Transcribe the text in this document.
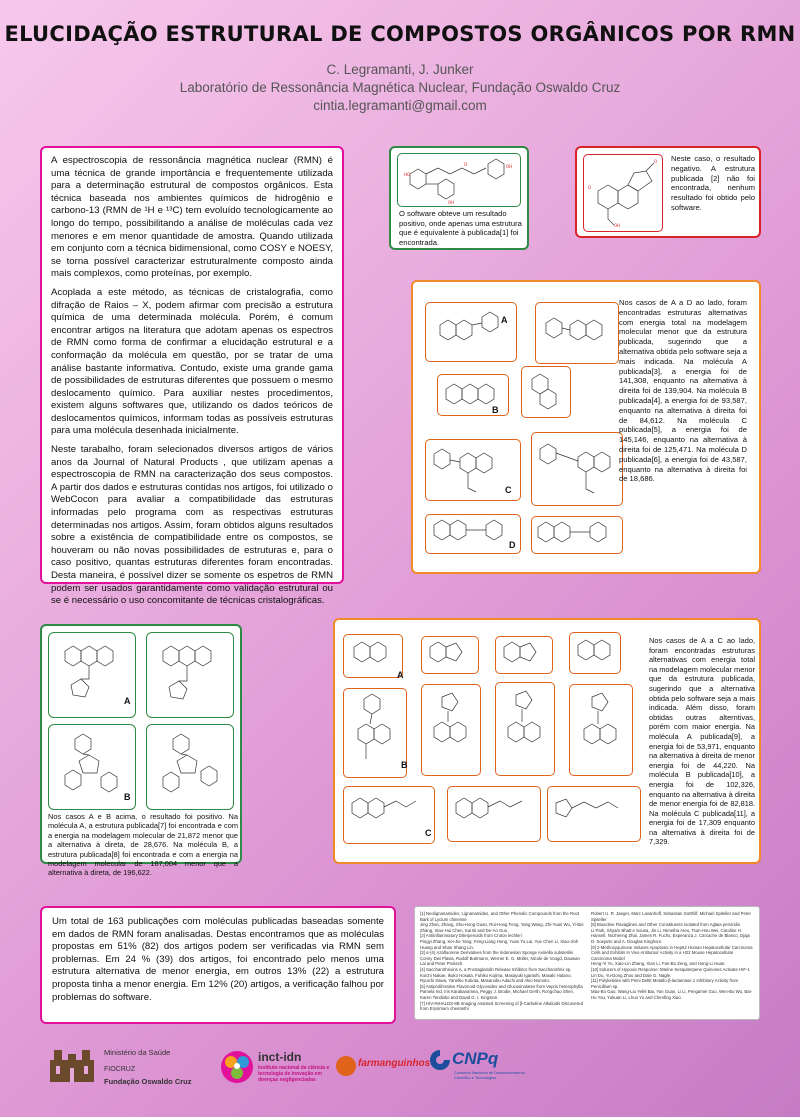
ELUCIDAÇÃO ESTRUTURAL DE COMPOSTOS ORGÂNICOS POR RMN
C. Legramanti, J. Junker
Laboratório de Ressonância Magnética Nuclear, Fundação Oswaldo Cruz
cintia.legramanti@gmail.com

A espectroscopia de ressonância magnética nuclear (RMN) é uma técnica de grande importância e frequentemente utilizada para a determinação estrutural de compostos orgânicos. Esta técnica baseada nos ambientes químicos de hidrogênio e carbono-13 (RMN de ¹H e ¹³C) tem evoluído tecnologicamente ao longo do tempo, possibilitando a análise de moléculas cada vez menores e em menor quantidade de amostra. Quando utilizada em conjunto com a técnica bidimensional, como COSY e NOESY, se torna possível caracterizar estruturalmente composto ainda mais complexos, como proteínas, por exemplo.

Acoplada a este método, as técnicas de cristalografia, como difração de Raios – X, podem afirmar com precisão a estrutura química de uma determinada molécula. Porém, é comum encontrar artigos na literatura que adotam apenas os espectros de RMN como forma de confirmar a elucidação estrutural e a conformação da molécula em questão, por se tratar de uma análise bastante informativa. Contudo, existe uma grande gama de possibilidades de estruturas diferentes que possuem o mesmo deslocamento químico. Para auxiliar nestes procedimentos, existem alguns softwares que, utilizando os dados teóricos de deslocamentos químicos, informam todas as possíveis estruturas para uma molécula desenhada inicialmente.

Neste tarabalho, foram selecionados diversos artigos de vários anos da Journal of Natural Products , que utilizam apenas a espectroscopia de RMN na caracterização dos seus compostos. A partir dos dados e estruturas contidas nos artigos, foi utilizado o WebCocon para avaliar a compatibilidade das estruturas informadas pelo programa com as respectivas estruturas determinadas nos artigos. Assim, foram obtidos alguns resultados sobre a existência de compatibilidade entre os compostos, se houveram ou não novas possibilidades de estruturas e, para o caso positivo, quantas estruturas diferentes foram encontradas. Desta maneira, é possível dizer se somente os espetros de RMN podem ser usados garantidamente como validação estrutural ou se é necessário o uso concomitante de técnicas cristalográficas.

HO
OH
O	OH
O software obteve um resultado positivo, onde apenas uma estrutura que é equivalente à publicada[1] foi encontrada.
O
OH
O Neste caso, o resultado negativo. A estrutura publicada [2] não foi encontrada, nenhum resultado foi obtido pelo software.
A
B
C
D
Nos casos de A a D ao lado, foram encontradas estruturas alternativas com energia total na modelagem molecular menor que da estrutura publicada, sugerindo que a alternativa obtida pelo software seja a mais indicada. Na molécula A publicada[3], a energia foi de 141,308, enquanto na alternativa à direita foi de 139,904. Na molécula B publicada[4], a energia foi de 93,587, enquanto na alternativa à direita foi de 84,612. Na molécula C publicada[5], a energia foi de 145,146, enquanto na alternativa à direita foi de 125,471. Na molécula D publicada[6], a energia foi de 43,587, enquanto na alternativa à direita foi de 18,686.
A
B
Nos casos A e B acima, o resultado foi positivo. Na molécula A, a estrutura publicada[7] foi encontrada e com a energia na modelagem molecular de 21,872 menor que a alternativa à direta, de 28,676. Na molécula B, a estrutura publicada[8] foi encontrada e com a energia na modelagem molecular de 167,004 menor que a alternativa à direta, de 196,622.
A
B
C
Nos casos de A a C ao lado, foram encontradas estruturas alternativas com energia total na modelagem molecular menor que da estrutura publicada, sugerindo que a alternativa obtida pelo software seja a mais indicada. Além disso, foram obtidas outras alterntivas, porém com maior energia. Na molécula A publicada[9], a energia foi de 53,971, enquanto na alternativa à direita de menor energia foi de 44,220. Na molécula B publicada[10], a energia foi de 102,326, enquanto na alternativa à direita de menor energia foi de 82,818. Na molécula C publicada[11], a energia foi de 17,309 enquanto na alternativa à direita foi de 7,329.
Um total de 163 publicações com moléculas publicadas baseadas somente em dados de RMN foram analisadas. Destas encontramos que as moléculas propostas em 51% (82) dos artigos podem ser verificadas via RMN sem problemas. Em 24 % (39) dos artigos, foi encontrado pelo menos uma estrutura alternativa de menor energia, em outros 13% (22) a estrutura proposta tinha a menor energia. Em 12% (20) artigos, a verificação falhou por problemas do software.
[1] Neolignanamides, Lignanamides, and Other Phenolic Compounds from the Root Bark of Lycium chinense
Jing Zhan, Zhang, Shu-Hong Guan, Rui-Hong Feng, Yang Wang, Zhi-Yuan Wu, Yi-Bei Zhang, Xiao-Hui Chen, Kai Bi and De-An Guo.
[2] Antiinflammatory Diterpenoids from Croton lechleri
Pingyi Zhang, Kei-Jie Yang, Feng-Liang Hong, Yuan Yu Lai, Yue Chen Li, Xiao-Jinh Huang and Shan Shang Lin.
[3] α-(4) Azafluorene Derivatives from the Indonesian Sponge Axinella substerilis
Conny Dwi Plavia, Rudolf Buttmann, Werner E. G. Müller, Nicole de Voogd, Daowan Lai and Peter Proksch.
[4] Saccharothrixins A, a Prostaglandin Release Inhibitor from Saccharothrix sp.
Koichi Nakae, Ikuko Hosata, Fuhiko Kojima, Masayuki Igarashi, Masaki Hatano, Ryuichi Sawa, Yanelko Kubota, Masanobu Adachi and Akio Nomoto.
[5] Antiproliferative Flavonoid Glycosides and Glucosinolates from Vepris heterophylla
Pamela Ind, Iris Karakanamea, Peggy J. Brodie, Michael Gerth, Rongchao Shen, Karen Tendisko and David G. I. Kingston.
[7] HIV-INHALDS-8B Imaging Assisted Screening of β-Carboline Alkaloids Discovered from Erysimum cheiranthi
Robert U. R. Jaeger, Marc Lavanhoff, Sebastian Gotthilf, Michael Spiteller and Peter Spiteller
[8] Bioactive Flavaglines and Other Constituents Isolated from Aglaia perviridis
Li Park, Shyam Bhatt e Sousa, Jin Li, Nimetha Areu, Tsun-Hsu Wei, Caroline H. Hansell, Nozhenng Zhai, James R. Fuchs, Esperanza J. Carcache de Blanco, Djaja D. Soejarto and A. Douglas Kinghorn.
[9] 2-Methoxyquinone Induces Apoptosis in Hep62 Human Hepatocellular Carcinoma Cells and Exhibits In Vivo Antitumor Activity in a H22 Mouse Hepatocellular Carcinoma Model
Heng-Yi Yu, Xiao-Lin Zhang, Xian Li, Fan-Bo Zeng, and Hong-Li Huan.
[10] Inducers of Hypoxic Response: Marine Sesquiterpene Quinones Activate HIF-1
Lin Du, Yu-Dong Zhou and Dale G. Nagle.
[11] Polyketides with Pinni Deltit Metallo-β-lactamase 1 Inhibitory Activity from Penicillium sp.
Mao-Bo Gao, Wang-Liu Yefel Bai, Yan Guan, Li Li, Pengamei Guo, Wen-Bo Wu, Bai-Hu You, Yukuan Li, Lhun Yu and Chenfing Xiao.
Ministério da Saúde
FIOCRUZ
Fundação Oswaldo Cruz
inct-idn
Instituto nacional de ciência e tecnologia de inovação em doenças negligenciadas
farmanguinhos CNPq
Conselho Nacional de Desenvolvimento Científico e Tecnológico
